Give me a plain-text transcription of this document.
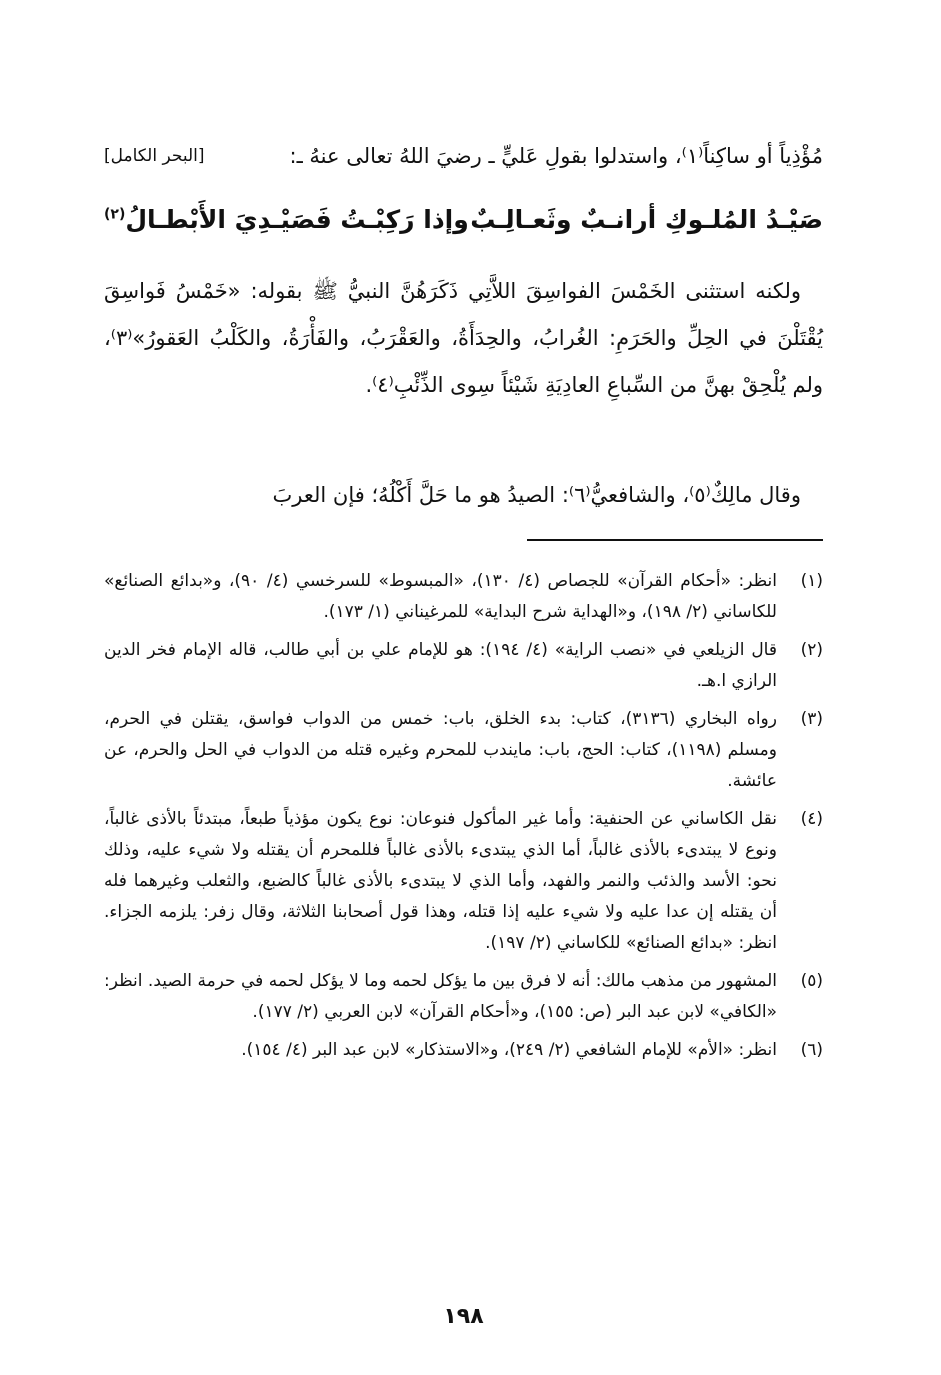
مُؤْذِياً أو ساكِناً⁽١⁾، واستدلوا بقولِ عَليٍّ ـ رضيَ اللهُ تعالى عنهُ ـ:
[البحر الكامل]
صَيْـدُ المُلـوكِ أرانـبٌ وثَعـالِـبٌ
وإذا رَكِبْـتُ فَصَيْـدِيَ الأَبْطـالُ$^{(٢)}$

ولكنه استثنى الخَمْسَ الفواسِقَ اللاَّتِي ذَكَرَهُنَّ النبيُّ ﷺ بقوله: «خَمْسُ فَواسِقَ يُقْتَلْنَ في الحِلِّ والحَرَمِ: الغُرابُ، والحِدَأَةُ، والعَقْرَبُ، والفَأْرَةُ، والكَلْبُ العَقورُ»⁽٣⁾، ولم يُلْحِقْ بهنَّ من السِّباعِ العادِيَةِ شَيْئاً سِوى الذِّئْبِ⁽٤⁾.

وقال مالِكٌ⁽٥⁾، والشافعيُّ⁽٦⁾: الصيدُ هو ما حَلَّ أَكْلُهُ؛ فإن العربَ

(١)
انظر: «أحكام القرآن» للجصاص (٤/ ١٣٠)، «المبسوط» للسرخسي (٤/ ٩٠)، و«بدائع الصنائع» للكاساني (٢/ ١٩٨)، و«الهداية شرح البداية» للمرغيناني (١/ ١٧٣).
(٢)
قال الزيلعي في «نصب الراية» (٤/ ١٩٤): هو للإمام علي بن أبي طالب، قاله الإمام فخر الدين الرازي ا.هـ.
(٣)
رواه البخاري (٣١٣٦)، كتاب: بدء الخلق، باب: خمس من الدواب فواسق، يقتلن في الحرم، ومسلم (١١٩٨)، كتاب: الحج، باب: مايندب للمحرم وغيره قتله من الدواب في الحل والحرم، عن عائشة.
(٤)
نقل الكاساني عن الحنفية: وأما غير المأكول فنوعان: نوع يكون مؤذياً طبعاً، مبتدئاً بالأذى غالباً، ونوع لا يبتدىء بالأذى غالباً، أما الذي يبتدىء بالأذى غالباً فللمحرم أن يقتله ولا شيء عليه، وذلك نحو: الأسد والذئب والنمر والفهد، وأما الذي لا يبتدىء بالأذى غالباً كالضبع، والثعلب وغيرهما فله أن يقتله إن عدا عليه ولا شيء عليه إذا قتله، وهذا قول أصحابنا الثلاثة، وقال زفر: يلزمه الجزاء. انظر: «بدائع الصنائع» للكاساني (٢/ ١٩٧).
(٥)
المشهور من مذهب مالك: أنه لا فرق بين ما يؤكل لحمه وما لا يؤكل لحمه في حرمة الصيد. انظر: «الكافي» لابن عبد البر (ص: ١٥٥)، و«أحكام القرآن» لابن العربي (٢/ ١٧٧).
(٦)
انظر: «الأم» للإمام الشافعي (٢/ ٢٤٩)، و«الاستذكار» لابن عبد البر (٤/ ١٥٤).
١٩٨
